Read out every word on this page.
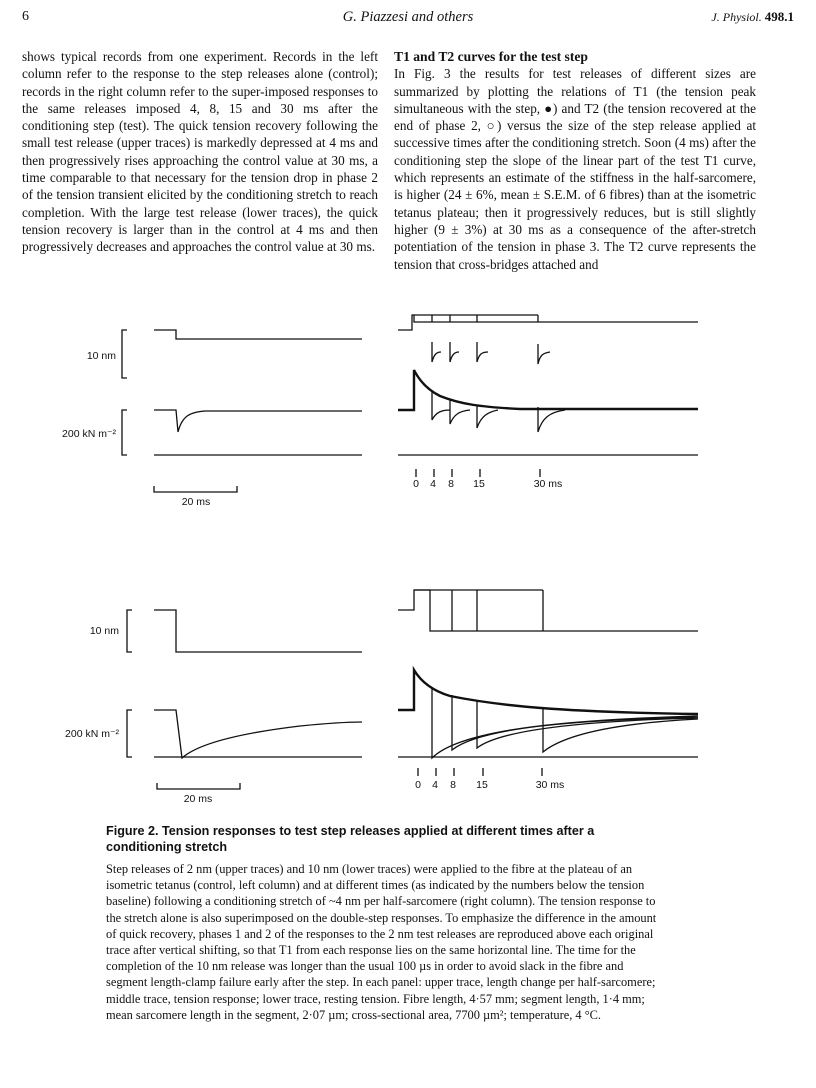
6	G. Piazzesi and others	J. Physiol. 498.1

shows typical records from one experiment. Records in the left column refer to the response to the step releases alone (control); records in the right column refer to the super-imposed responses to the same releases imposed 4, 8, 15 and 30 ms after the conditioning step (test). The quick tension recovery following the small test release (upper traces) is markedly depressed at 4 ms and then progressively rises approaching the control value at 30 ms, a time comparable to that necessary for the tension drop in phase 2 of the tension transient elicited by the conditioning stretch to reach completion. With the large test release (lower traces), the quick tension recovery is larger than in the control at 4 ms and then progressively decreases and approaches the control value at 30 ms.

T1 and T2 curves for the test step

In Fig. 3 the results for test releases of different sizes are summarized by plotting the relations of T1 (the tension peak simultaneous with the step, ●) and T2 (the tension recovered at the end of phase 2, ○) versus the size of the step release applied at successive times after the conditioning stretch. Soon (4 ms) after the conditioning step the slope of the linear part of the test T1 curve, which represents an estimate of the stiffness in the half-sarcomere, is higher (24 ± 6%, mean ± S.E.M. of 6 fibres) than at the isometric tetanus plateau; then it progressively reduces, but is still slightly higher (9 ± 3%) at 30 ms as a consequence of the after-stretch potentiation of the tension in phase 3. The T2 curve represents the tension that cross-bridges attached and

10 nm
200 kN m⁻²
20 ms
0 4 8 15	30 ms
10 nm
200 kN m⁻²
20 ms
0 4 8 15	30 ms

Figure 2. Tension responses to test step releases applied at different times after a conditioning stretch

Step releases of 2 nm (upper traces) and 10 nm (lower traces) were applied to the fibre at the plateau of an isometric tetanus (control, left column) and at different times (as indicated by the numbers below the tension baseline) following a conditioning stretch of ~4 nm per half-sarcomere (right column). The tension response to the stretch alone is also superimposed on the double-step responses. To emphasize the difference in the amount of quick recovery, phases 1 and 2 of the responses to the 2 nm test releases are reproduced above each original trace after vertical shifting, so that T1 from each response lies on the same horizontal line. The time for the completion of the 10 nm release was longer than the usual 100 µs in order to avoid slack in the fibre and segment length-clamp failure early after the step. In each panel: upper trace, length change per half-sarcomere; middle trace, tension response; lower trace, resting tension. Fibre length, 4·57 mm; segment length, 1·4 mm; mean sarcomere length in the segment, 2·07 µm; cross-sectional area, 7700 µm²; temperature, 4 °C.
